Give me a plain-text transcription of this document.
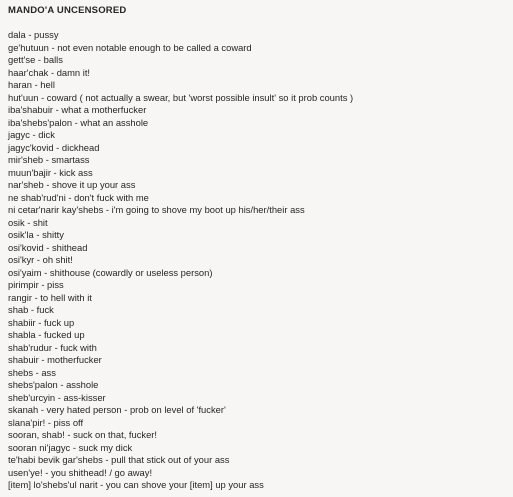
MANDO'A UNCENSORED
dala - pussy
ge'hutuun - not even notable enough to be called a coward
gett'se - balls
haar'chak - damn it!
haran - hell
hut'uun - coward ( not actually a swear, but 'worst possible insult' so it prob counts )
iba'shabuir - what a motherfucker
iba'shebs'palon - what an asshole
jagyc - dick
jagyc'kovid - dickhead
mir'sheb - smartass
muun'bajir - kick ass
nar'sheb - shove it up your ass
ne shab'rud'ni - don't fuck with me
ni cetar'narir kay'shebs - i'm going to shove my boot up his/her/their ass
osik - shit
osik'la - shitty
osi'kovid - shithead
osi'kyr - oh shit!
osi'yaim - shithouse (cowardly or useless person)
pirimpir - piss
rangir - to hell with it
shab - fuck
shabiir - fuck up
shabla - fucked up
shab'rudur - fuck with
shabuir - motherfucker
shebs - ass
shebs'palon - asshole
sheb'urcyin - ass-kisser
skanah - very hated person - prob on level of 'fucker'
slana'pir! - piss off
sooran, shab! - suck on that, fucker!
sooran ni'jagyc - suck my dick
te'habi bevik gar'shebs - pull that stick out of your ass
usen'ye! - you shithead! / go away!
[item] lo'shebs'ul narit - you can shove your [item] up your ass
